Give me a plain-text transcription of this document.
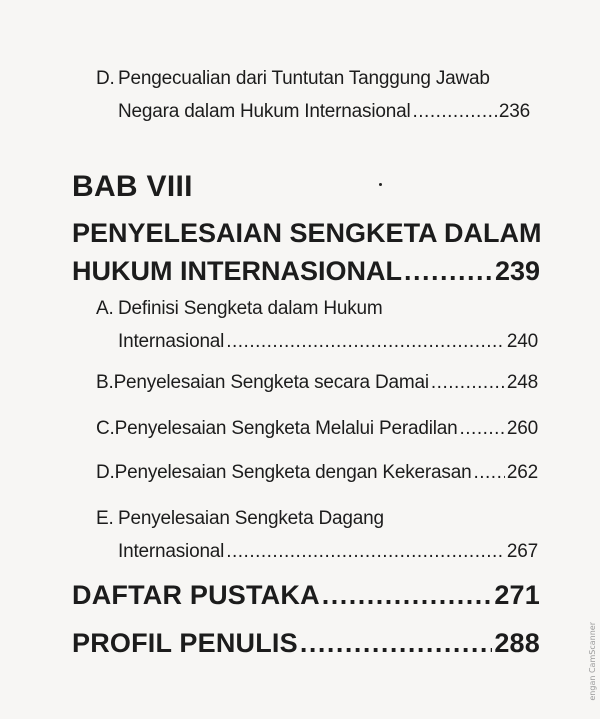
D. Pengecualian dari Tuntutan Tanggung Jawab
Negara dalam Hukum Internasional .....	236
BAB VIII
PENYELESAIAN SENGKETA DALAM
HUKUM INTERNASIONAL .....	239
A. Definisi Sengketa dalam Hukum
Internasional .....	240
B. Penyelesaian Sengketa secara Damai .....	248
C. Penyelesaian Sengketa Melalui Peradilan .....	260
D. Penyelesaian Sengketa dengan Kekerasan ..... 262
E. Penyelesaian Sengketa Dagang
Internasional .....	267
DAFTAR PUSTAKA .....	271
PROFIL PENULIS .....	288	engan CamScanner
